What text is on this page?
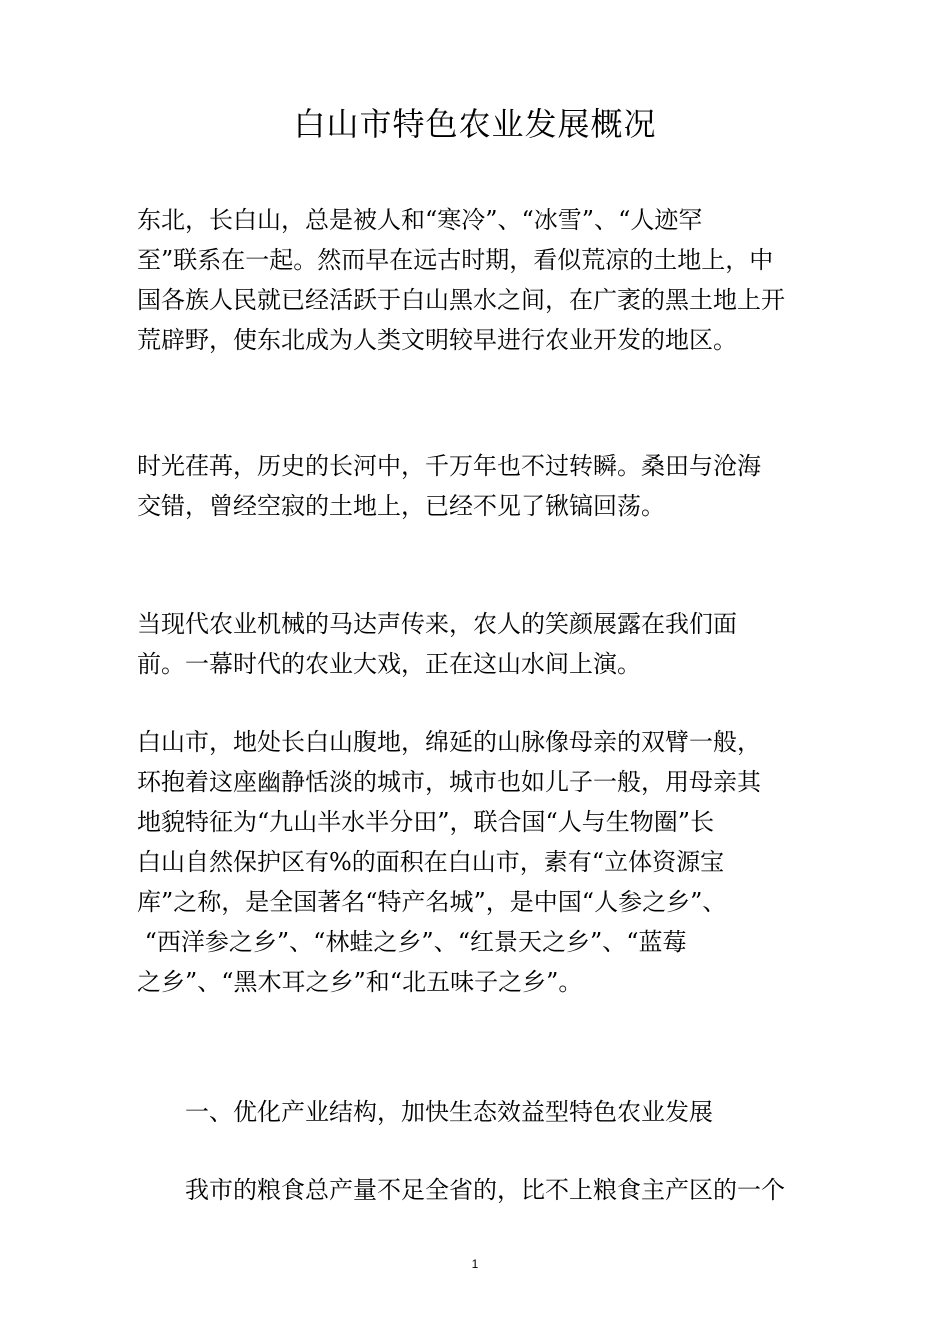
白山市特色农业发展概况
东北，长白山，总是被人和“寒冷”、“冰雪”、“人迹罕
至”联系在一起。然而早在远古时期，看似荒凉的土地上，中
国各族人民就已经活跃于白山黑水之间，在广袤的黑土地上开
荒辟野，使东北成为人类文明较早进行农业开发的地区。
时光荏苒，历史的长河中，千万年也不过转瞬。桑田与沧海
交错，曾经空寂的土地上，已经不见了锹镐回荡。
当现代农业机械的马达声传来，农人的笑颜展露在我们面
前。一幕时代的农业大戏，正在这山水间上演。
白山市，地处长白山腹地，绵延的山脉像母亲的双臂一般，
环抱着这座幽静恬淡的城市，城市也如儿子一般，用母亲其
地貌特征为“九山半水半分田”，联合国“人与生物圈”长
白山自然保护区有%的面积在白山市，素有“立体资源宝
库”之称，是全国著名“特产名城”，是中国“人参之乡”、
“西洋参之乡”、“林蛙之乡”、“红景天之乡”、“蓝莓
之乡”、“黑木耳之乡”和“北五味子之乡”。
　　一、优化产业结构，加快生态效益型特色农业发展
　　我市的粮食总产量不足全省的，比不上粮食主产区的一个
1
